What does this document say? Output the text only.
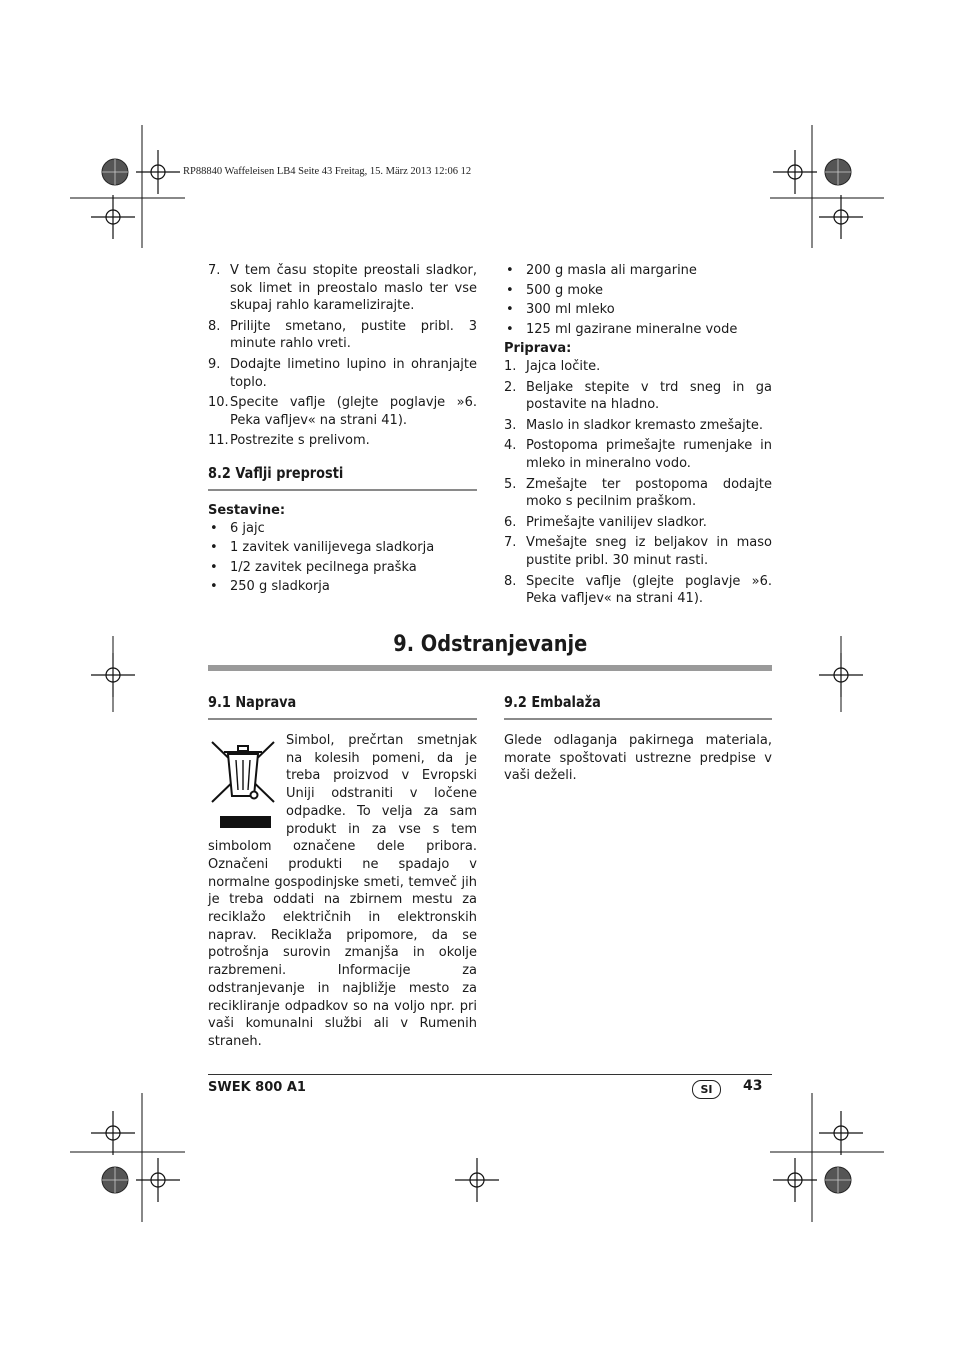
RP88840 Waffeleisen LB4 Seite 43 Freitag, 15. März 2013 12:06 12
7. V tem času stopite preostali sladkor, sok limet in preostalo maslo ter vse skupaj rahlo karamelizirajte.

8. Prilijte smetano, pustite pribl. 3 minute rahlo vreti.

9. Dodajte limetino lupino in ohranjajte toplo.

10. Specite vaflje (glejte poglavje »6. Peka vafljev« na strani 41).

11. Postrezite s prelivom.

8.2 Vaflji preprosti
Sestavine:
• 6 jajc
• 1 zavitek vanilijevega sladkorja
• 1/2 zavitek pecilnega praška
• 250 g sladkorja
• 200 g masla ali margarine
• 500 g moke
• 300 ml mleko
• 125 ml gazirane mineralne vode
Priprava:
1. Jajca ločite.

2. Beljake stepite v trd sneg in ga postavite na hladno.

3. Maslo in sladkor kremasto zmešajte.

4. Postopoma primešajte rumenjake in mleko in mineralno vodo.

5. Zmešajte ter postopoma dodajte moko s pecilnim praškom.

6. Primešajte vanilijev sladkor.

7. Vmešajte sneg iz beljakov in maso pustite pribl. 30 minut rasti.

8. Specite vaflje (glejte poglavje »6. Peka vafljev« na strani 41).

9. Odstranjevanje
9.1 Naprava	9.2 Embalaža

Simbol, prečrtan smetnjak na kolesih pomeni, da je treba proizvod v Evropski Uniji odstraniti v ločene odpadke. To velja za sam produkt in za vse s tem simbolom označene dele pribora. Označeni produkti ne spadajo v normalne gospodinjske smeti, temveč jih je treba oddati na zbirnem mestu za reciklažo električnih in elektronskih naprav. Reciklaža pripomore, da se potrošnja surovin zmanjša in okolje razbremeni. Informacije za odstranjevanje in najbližje mesto za recikliranje odpadkov so na voljo npr. pri vaši komunalni službi ali v Rumenih straneh.

Glede odlaganja pakirnega materiala, morate spoštovati ustrezne predpise v vaši deželi.

SWEK 800 A1	SI	43
